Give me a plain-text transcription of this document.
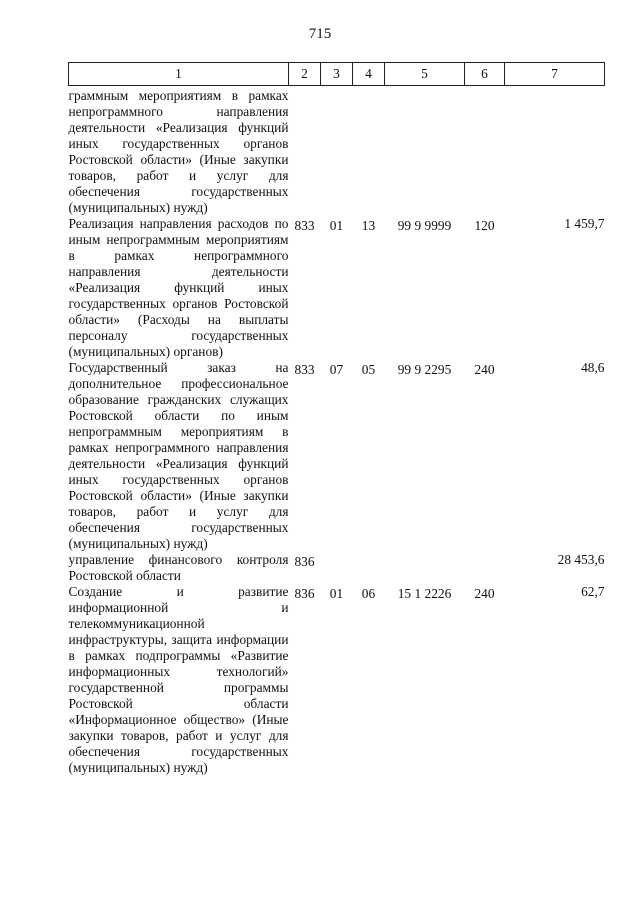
715
1	2	3	4	5	6	7
граммным мероприятиям в рамках непрограммного направления деятельности «Реализация функций иных государственных органов Ростовской области» (Иные закупки товаров, работ и услуг для обеспечения государственных (муниципальных) нужд)						
Реализация направления расходов по иным непрограммным мероприятиям в рамках непрограммного направления деятельности «Реализация функций иных государственных органов Ростовской области» (Расходы на выплаты персоналу государственных (муниципальных) органов)	833	01	13	99 9 9999	120	1 459,7
Государственный заказ на дополнительное профессиональное образование гражданских служащих Ростовской области по иным непрограммным мероприятиям в рамках непрограммного направления деятельности «Реализация функций иных государственных органов Ростовской области» (Иные закупки товаров, работ и услуг для обеспечения государственных (муниципальных) нужд)	833	07	05	99 9 2295	240	48,6
управление финансового контроля Ростовской области	836					28 453,6
Создание и развитие информационной и телекоммуникационной инфраструктуры, защита информации в рамках подпрограммы «Развитие информационных технологий» государственной программы Ростовской области «Информационное общество» (Иные закупки товаров, работ и услуг для обеспечения государственных (муниципальных) нужд)	836	01	06	15 1 2226	240	62,7
